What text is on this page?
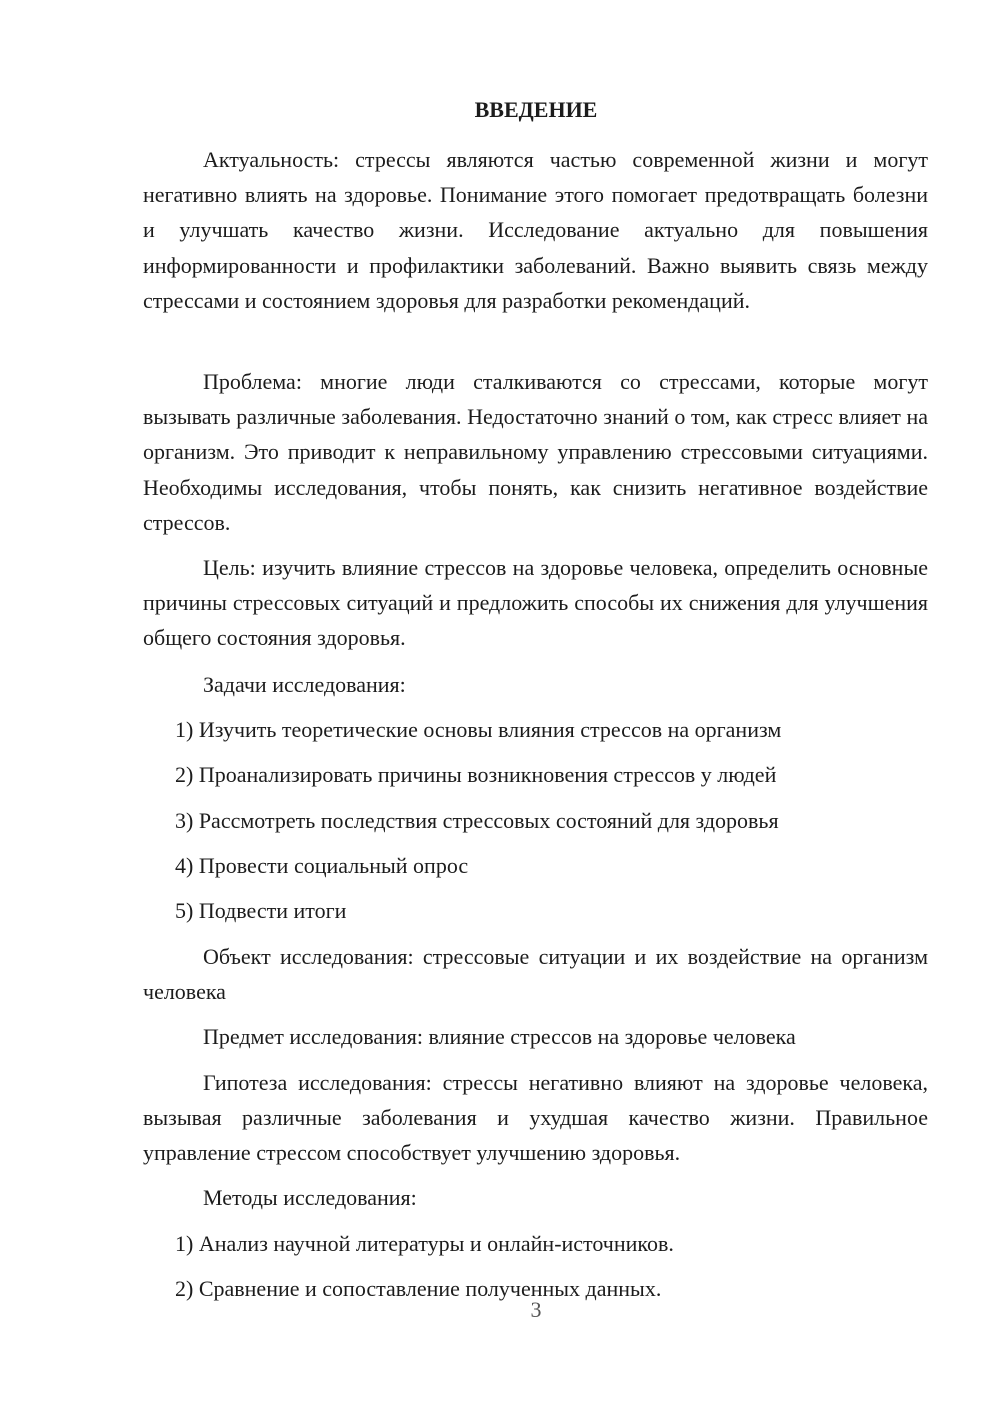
ВВЕДЕНИЕ

Актуальность: стрессы являются частью современной жизни и могут негативно влиять на здоровье. Понимание этого помогает предотвращать болезни и улучшать качество жизни. Исследование актуально для повышения информированности и профилактики заболеваний. Важно выявить связь между стрессами и состоянием здоровья для разработки рекомендаций.

Проблема: многие люди сталкиваются со стрессами, которые могут вызывать различные заболевания. Недостаточно знаний о том, как стресс влияет на организм. Это приводит к неправильному управлению стрессовыми ситуациями. Необходимы исследования, чтобы понять, как снизить негативное воздействие стрессов.

Цель: изучить влияние стрессов на здоровье человека, определить основные причины стрессовых ситуаций и предложить способы их снижения для улучшения общего состояния здоровья.

Задачи исследования:

1) Изучить теоретические основы влияния стрессов на организм

2) Проанализировать причины возникновения стрессов у людей

3) Рассмотреть последствия стрессовых состояний для здоровья

4) Провести социальный опрос

5) Подвести итоги

Объект исследования: стрессовые ситуации и их воздействие на организм человека

Предмет исследования: влияние стрессов на здоровье человека

Гипотеза исследования: стрессы негативно влияют на здоровье человека, вызывая различные заболевания и ухудшая качество жизни. Правильное управление стрессом способствует улучшению здоровья.

Методы исследования:

1) Анализ научной литературы и онлайн-источников.

2) Сравнение и сопоставление полученных данных.

3
